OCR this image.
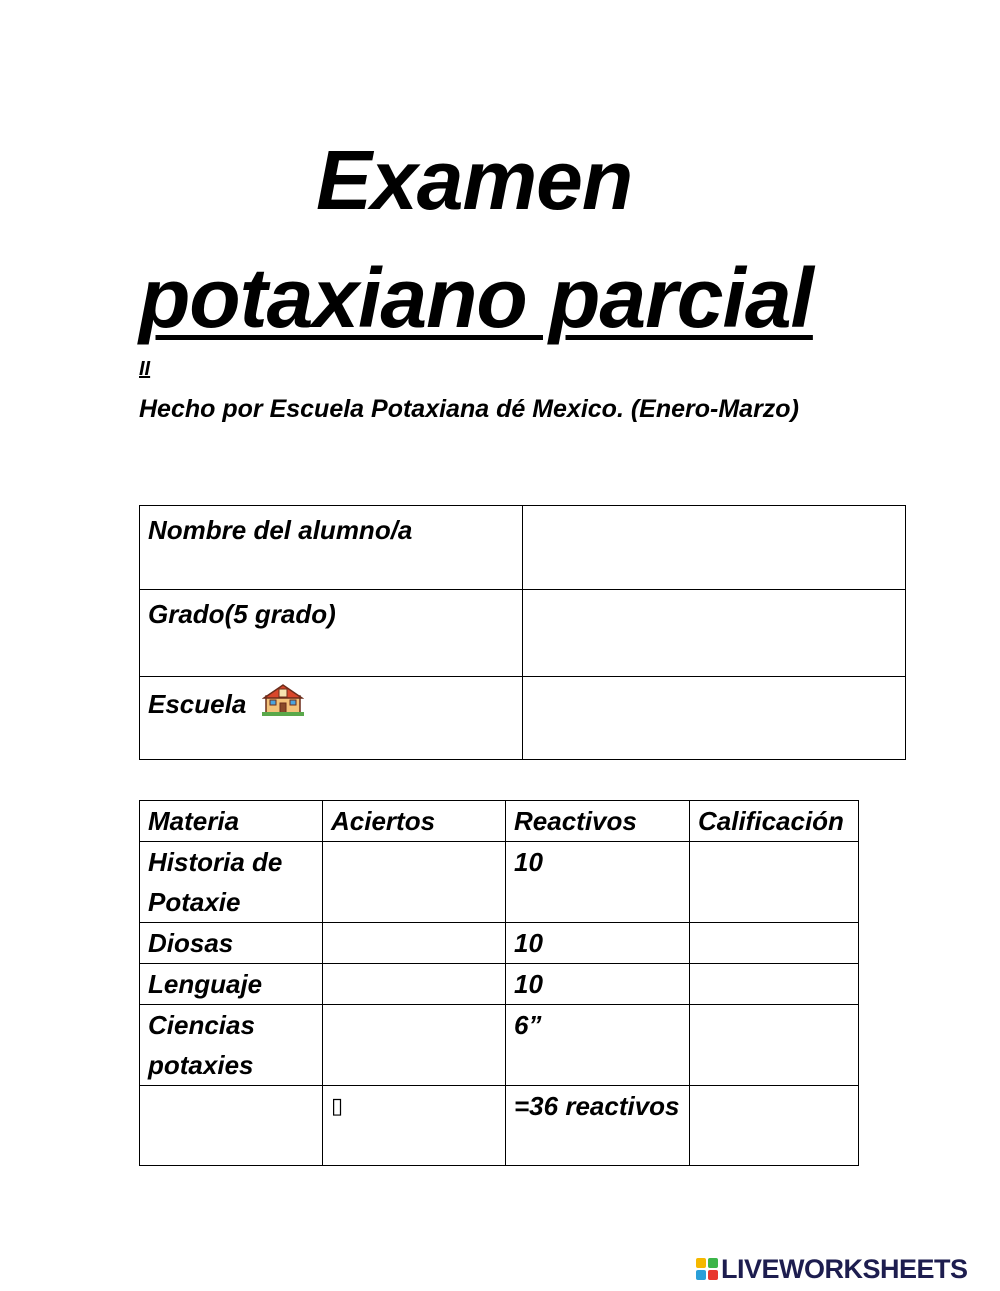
Examen
potaxiano parcial
II
Hecho por Escuela Potaxiana dé Mexico. (Enero-Marzo)
Nombre del alumno/a	
Grado(5 grado)	
Escuela	
Materia	Aciertos	Reactivos	Calificación
Historia de Potaxie		10	
Diosas		10	
Lenguaje		10	
Ciencias potaxies		6”	
	▯	=36 reactivos	
LIVEWORKSHEETS
